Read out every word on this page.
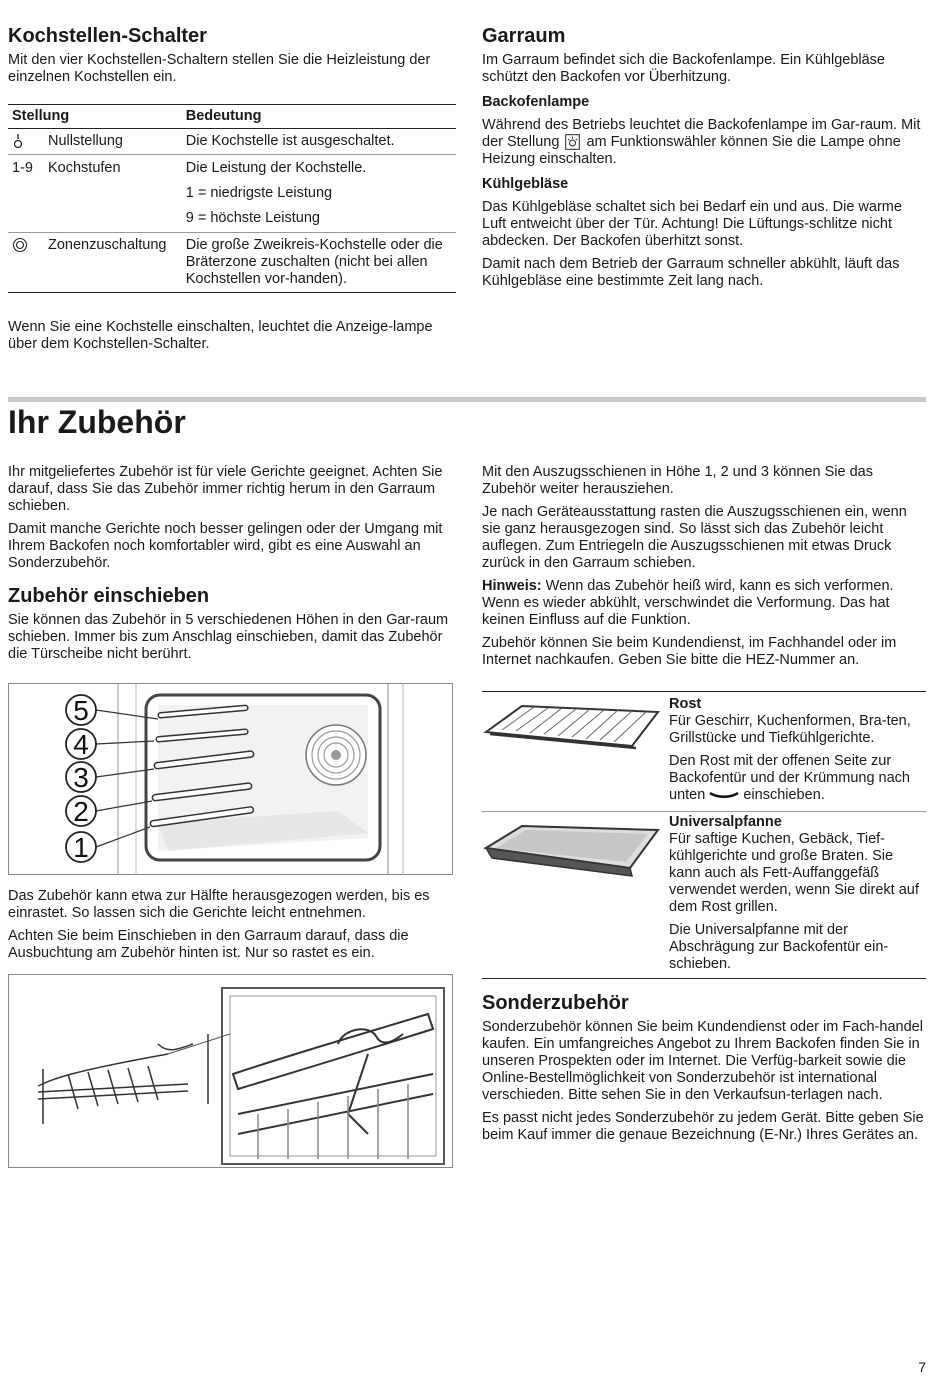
Kochstellen-Schalter

Mit den vier Kochstellen-Schaltern stellen Sie die Heizleistung der einzelnen Kochstellen ein.

Stellung		Bedeutung
	Nullstellung	Die Kochstelle ist ausgeschaltet.
1-9	Kochstufen	Die Leistung der Kochstelle.
		1 = niedrigste Leistung
		9 = höchste Leistung
	Zonenzuschaltung	Die große Zweikreis-Kochstelle oder die Bräterzone zuschalten (nicht bei allen Kochstellen vor-handen).

Wenn Sie eine Kochstelle einschalten, leuchtet die Anzeige-lampe über dem Kochstellen-Schalter.

Garraum

Im Garraum befindet sich die Backofenlampe. Ein Kühlgebläse schützt den Backofen vor Überhitzung.

Backofenlampe

Während des Betriebs leuchtet die Backofenlampe im Gar-raum. Mit der Stellung am Funktionswähler können Sie die Lampe ohne Heizung einschalten.

Kühlgebläse

Das Kühlgebläse schaltet sich bei Bedarf ein und aus. Die warme Luft entweicht über der Tür. Achtung! Die Lüftungs-schlitze nicht abdecken. Der Backofen überhitzt sonst.

Damit nach dem Betrieb der Garraum schneller abkühlt, läuft das Kühlgebläse eine bestimmte Zeit lang nach.

Ihr Zubehör

Ihr mitgeliefertes Zubehör ist für viele Gerichte geeignet. Achten Sie darauf, dass Sie das Zubehör immer richtig herum in den Garraum schieben.

Damit manche Gerichte noch besser gelingen oder der Umgang mit Ihrem Backofen noch komfortabler wird, gibt es eine Auswahl an Sonderzubehör.

Zubehör einschieben

Sie können das Zubehör in 5 verschiedenen Höhen in den Gar-raum schieben. Immer bis zum Anschlag einschieben, damit das Zubehör die Türscheibe nicht berührt.

5
4
3
2
1

Das Zubehör kann etwa zur Hälfte herausgezogen werden, bis es einrastet. So lassen sich die Gerichte leicht entnehmen.

Achten Sie beim Einschieben in den Garraum darauf, dass die Ausbuchtung am Zubehör hinten ist. Nur so rastet es ein.

Mit den Auszugsschienen in Höhe 1, 2 und 3 können Sie das Zubehör weiter herausziehen.

Je nach Geräteausstattung rasten die Auszugsschienen ein, wenn sie ganz herausgezogen sind. So lässt sich das Zubehör leicht auflegen. Zum Entriegeln die Auszugsschienen mit etwas Druck zurück in den Garraum schieben.

Hinweis: Wenn das Zubehör heiß wird, kann es sich verformen. Wenn es wieder abkühlt, verschwindet die Verformung. Das hat keinen Einfluss auf die Funktion.

Zubehör können Sie beim Kundendienst, im Fachhandel oder im Internet nachkaufen. Geben Sie bitte die HEZ-Nummer an.

Rost

Für Geschirr, Kuchenformen, Bra-ten, Grillstücke und Tiefkühlgerichte.

Den Rost mit der offenen Seite zur Backofentür und der Krümmung nach unten	einschieben.

Universalpfanne

Für saftige Kuchen, Gebäck, Tief-kühlgerichte und große Braten. Sie kann auch als Fett-Auffanggefäß verwendet werden, wenn Sie direkt auf dem Rost grillen.

Die Universalpfanne mit der Abschrägung zur Backofentür ein-schieben.

Sonderzubehör

Sonderzubehör können Sie beim Kundendienst oder im Fach-handel kaufen. Ein umfangreiches Angebot zu Ihrem Backofen finden Sie in unseren Prospekten oder im Internet. Die Verfüg-barkeit sowie die Online-Bestellmöglichkeit von Sonderzubehör ist international verschieden. Bitte sehen Sie in den Verkaufsun-terlagen nach.

Es passt nicht jedes Sonderzubehör zu jedem Gerät. Bitte geben Sie beim Kauf immer die genaue Bezeichnung (E-Nr.) Ihres Gerätes an.

7
